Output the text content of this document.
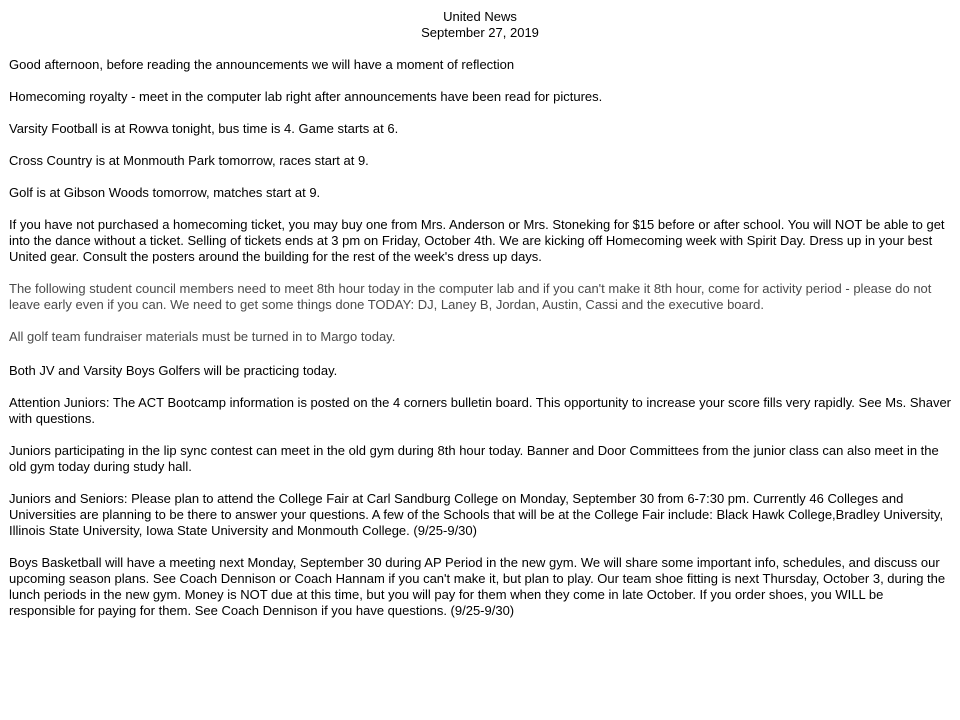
United News

September 27, 2019

Good afternoon, before reading the announcements we will have a moment of reflection

Homecoming royalty - meet in the computer lab right after announcements have been read for pictures.

Varsity Football is at Rowva tonight, bus time is 4. Game starts at 6.

Cross Country is at Monmouth Park tomorrow, races start at 9.

Golf is at Gibson Woods tomorrow, matches start at 9.

If you have not purchased a homecoming ticket, you may buy one from Mrs. Anderson or Mrs. Stoneking for $15 before or after school. You will NOT be able to get into the dance without a ticket. Selling of tickets ends at 3 pm on Friday, October 4th. We are kicking off Homecoming week with Spirit Day. Dress up in your best United gear. Consult the posters around the building for the rest of the week's dress up days.

The following student council members need to meet 8th hour today in the computer lab and if you can't make it 8th hour, come for activity period - please do not leave early even if you can. We need to get some things done TODAY: DJ, Laney B, Jordan, Austin, Cassi and the executive board.

All golf team fundraiser materials must be turned in to Margo today.

Both JV and Varsity Boys Golfers will be practicing today.

Attention Juniors: The ACT Bootcamp information is posted on the 4 corners bulletin board. This opportunity to increase your score fills very rapidly. See Ms. Shaver with questions.

Juniors participating in the lip sync contest can meet in the old gym during 8th hour today. Banner and Door Committees from the junior class can also meet in the old gym today during study hall.

Juniors and Seniors: Please plan to attend the College Fair at Carl Sandburg College on Monday, September 30 from 6-7:30 pm. Currently 46 Colleges and Universities are planning to be there to answer your questions. A few of the Schools that will be at the College Fair include: Black Hawk College,Bradley University, Illinois State University, Iowa State University and Monmouth College. (9/25-9/30)

Boys Basketball will have a meeting next Monday, September 30 during AP Period in the new gym. We will share some important info, schedules, and discuss our upcoming season plans. See Coach Dennison or Coach Hannam if you can't make it, but plan to play. Our team shoe fitting is next Thursday, October 3, during the lunch periods in the new gym. Money is NOT due at this time, but you will pay for them when they come in late October. If you order shoes, you WILL be responsible for paying for them. See Coach Dennison if you have questions. (9/25-9/30)
